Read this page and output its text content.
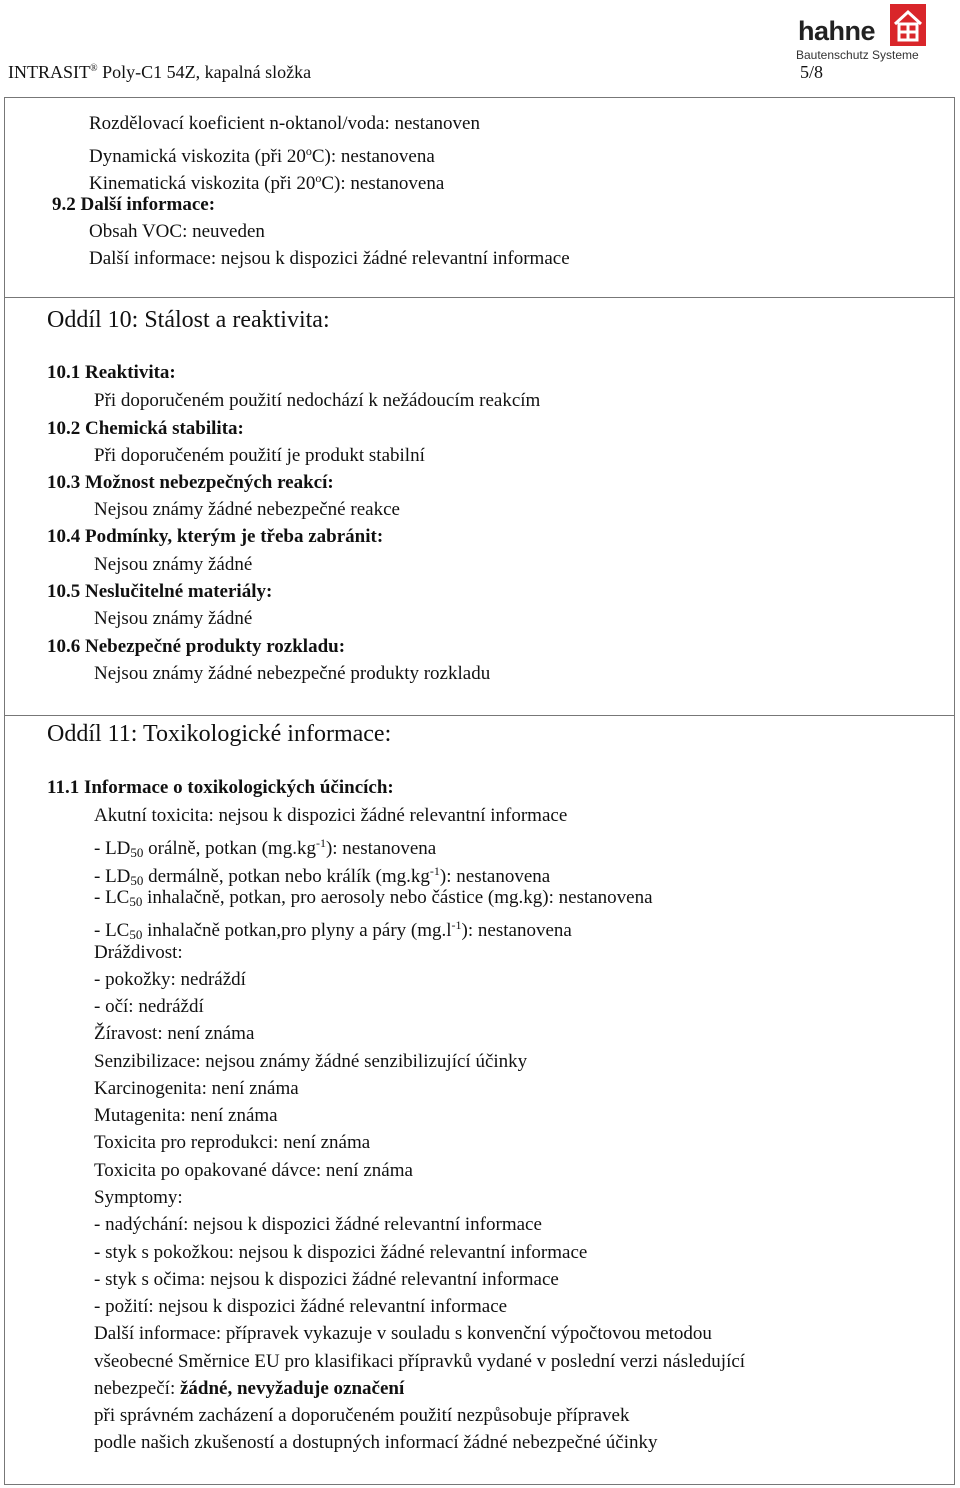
INTRASIT® Poly-C1 54Z, kapalná složka	5/8
hahne
Bautenschutz Systeme
Rozdělovací koeficient n-oktanol/voda: nestanoven
Dynamická viskozita (při 20$^o$C): nestanovena
Kinematická viskozita (při 20$^o$C): nestanovena
9.2 Další informace:
Obsah VOC: neuveden
Další informace: nejsou k dispozici žádné relevantní informace
Oddíl 10: Stálost a reaktivita:
10.1 Reaktivita:
Při doporučeném použití nedochází k nežádoucím reakcím
10.2 Chemická stabilita:
Při doporučeném použití je produkt stabilní
10.3 Možnost nebezpečných reakcí:
Nejsou známy žádné nebezpečné reakce
10.4 Podmínky, kterým je třeba zabránit:
Nejsou známy žádné
10.5 Neslučitelné materiály:
Nejsou známy žádné
10.6 Nebezpečné produkty rozkladu:
Nejsou známy žádné nebezpečné produkty rozkladu
Oddíl 11: Toxikologické informace:
11.1 Informace o toxikologických účincích:
Akutní toxicita: nejsou k dispozici žádné relevantní informace
- $LD_{50}$ orálně, potkan $(mg.kg^{-1})$: nestanovena
- $LD_{50}$ dermálně, potkan nebo králík $(mg.kg^{-1})$: nestanovena
- $LC_{50}$ inhalačně, potkan, pro aerosoly nebo částice (mg.kg): nestanovena
- $LC_{50}$ inhalačně potkan,pro plyny a páry $(mg.l^{-1})$: nestanovena
Dráždivost:
- pokožky: nedráždí
- očí: nedráždí
Žíravost: není známa
Senzibilizace: nejsou známy žádné senzibilizující účinky
Karcinogenita: není známa
Mutagenita: není známa
Toxicita pro reprodukci: není známa
Toxicita po opakované dávce: není známa
Symptomy:
- nadýchání: nejsou k dispozici žádné relevantní informace
- styk s pokožkou: nejsou k dispozici žádné relevantní informace
- styk s očima: nejsou k dispozici žádné relevantní informace
- požití: nejsou k dispozici žádné relevantní informace
Další informace: přípravek vykazuje v souladu s konvenční výpočtovou metodou
všeobecné Směrnice EU pro klasifikaci přípravků vydané v poslední verzi následující
nebezpečí: žádné, nevyžaduje označení
při správném zacházení a doporučeném použití nezpůsobuje přípravek
podle našich zkušeností a dostupných informací žádné nebezpečné účinky
